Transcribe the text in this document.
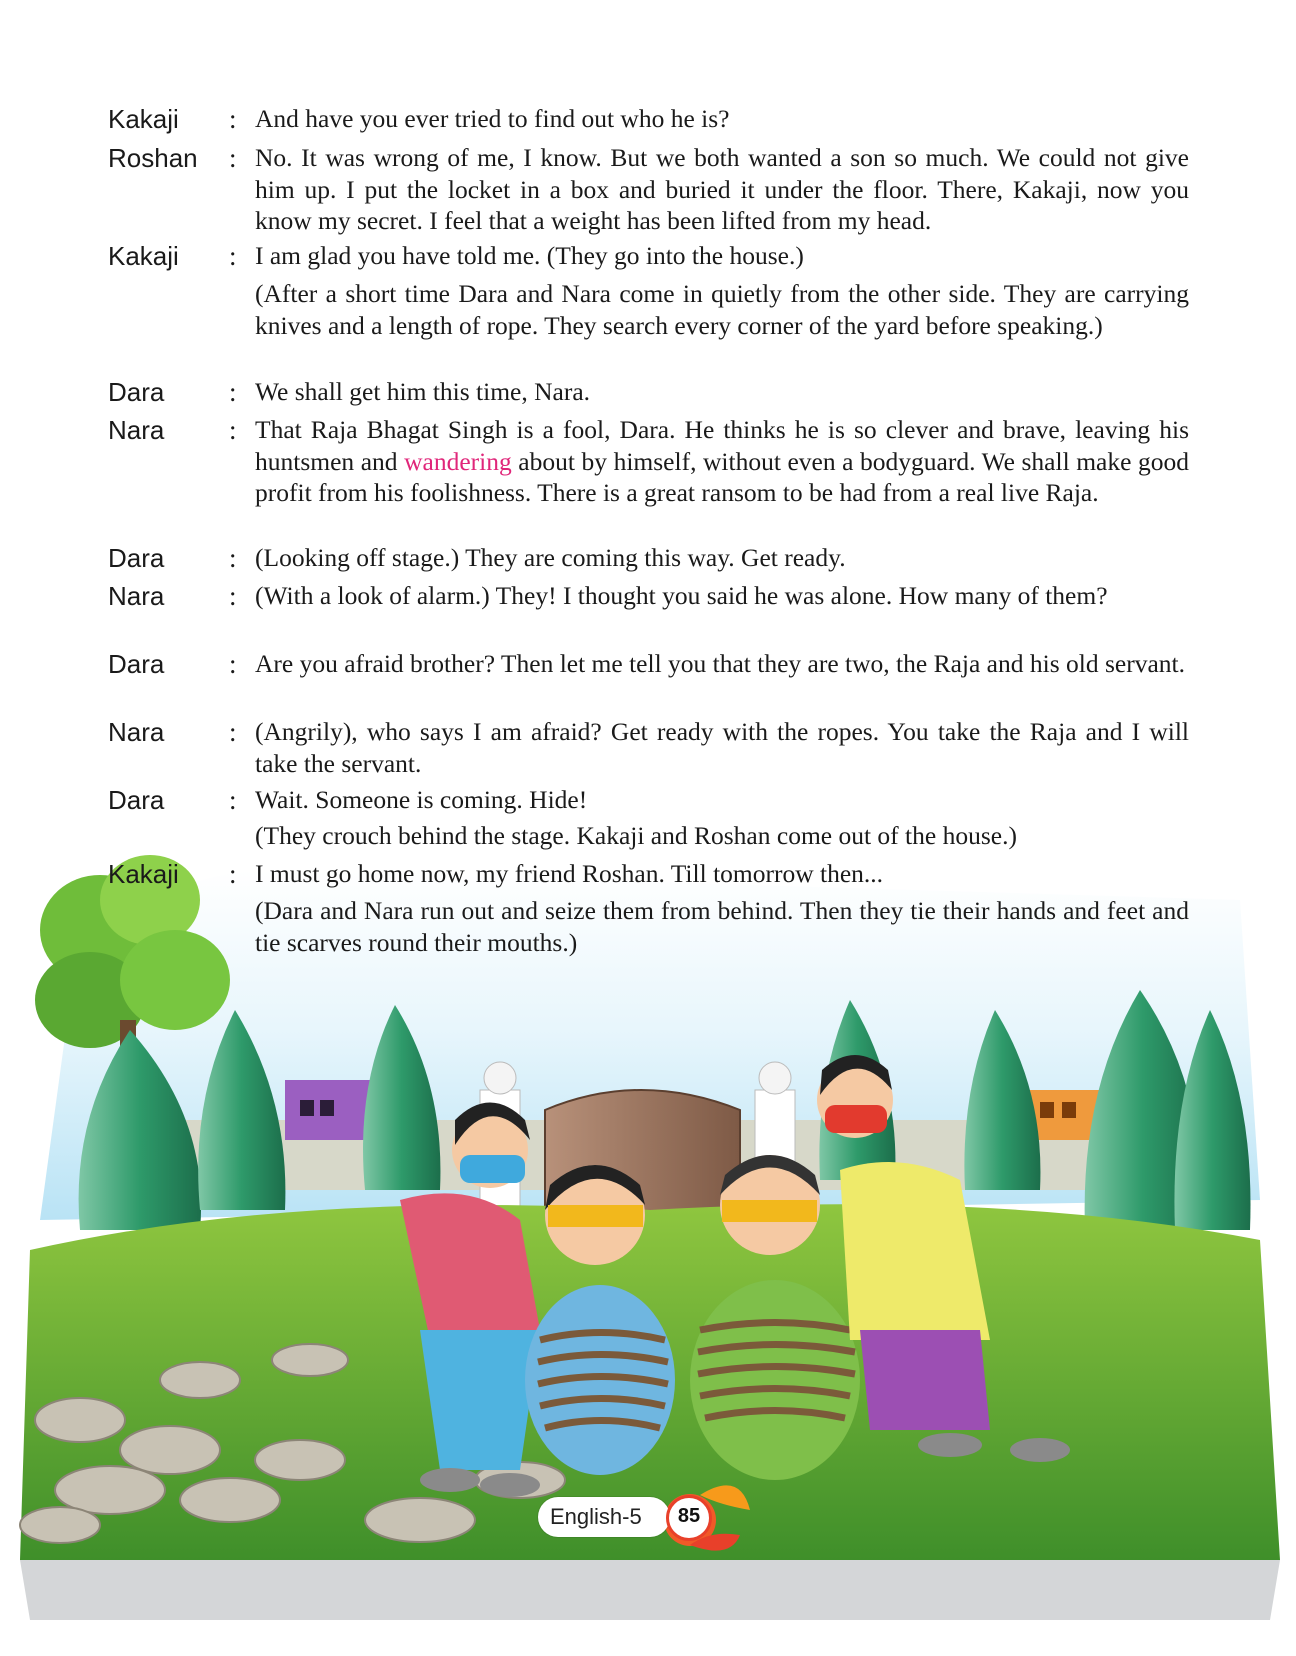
Kakaji : And have you ever tried to find out who he is?
Roshan : No. It was wrong of me, I know. But we both wanted a son so much. We could not give him up. I put the locket in a box and buried it under the floor. There, Kakaji, now you know my secret. I feel that a weight has been lifted from my head.
Kakaji : I am glad you have told me. (They go into the house.)
(After a short time Dara and Nara come in quietly from the other side. They are carrying knives and a length of rope. They search every corner of the yard before speaking.)
Dara : We shall get him this time, Nara.
Nara : That Raja Bhagat Singh is a fool, Dara. He thinks he is so clever and brave, leaving his huntsmen and wandering about by himself, without even a bodyguard. We shall make good profit from his foolishness. There is a great ransom to be had from a real live Raja.
Dara : (Looking off stage.) They are coming this way. Get ready.
Nara : (With a look of alarm.) They! I thought you said he was alone. How many of them?
Dara : Are you afraid brother? Then let me tell you that they are two, the Raja and his old servant.
Nara : (Angrily), who says I am afraid? Get ready with the ropes. You take the Raja and I will take the servant.
Dara : Wait. Someone is coming. Hide!
(They crouch behind the stage. Kakaji and Roshan come out of the house.)
Kakaji : I must go home now, my friend Roshan. Till tomorrow then...
(Dara and Nara run out and seize them from behind. Then they tie their hands and feet and tie scarves round their mouths.)
English-5	85
